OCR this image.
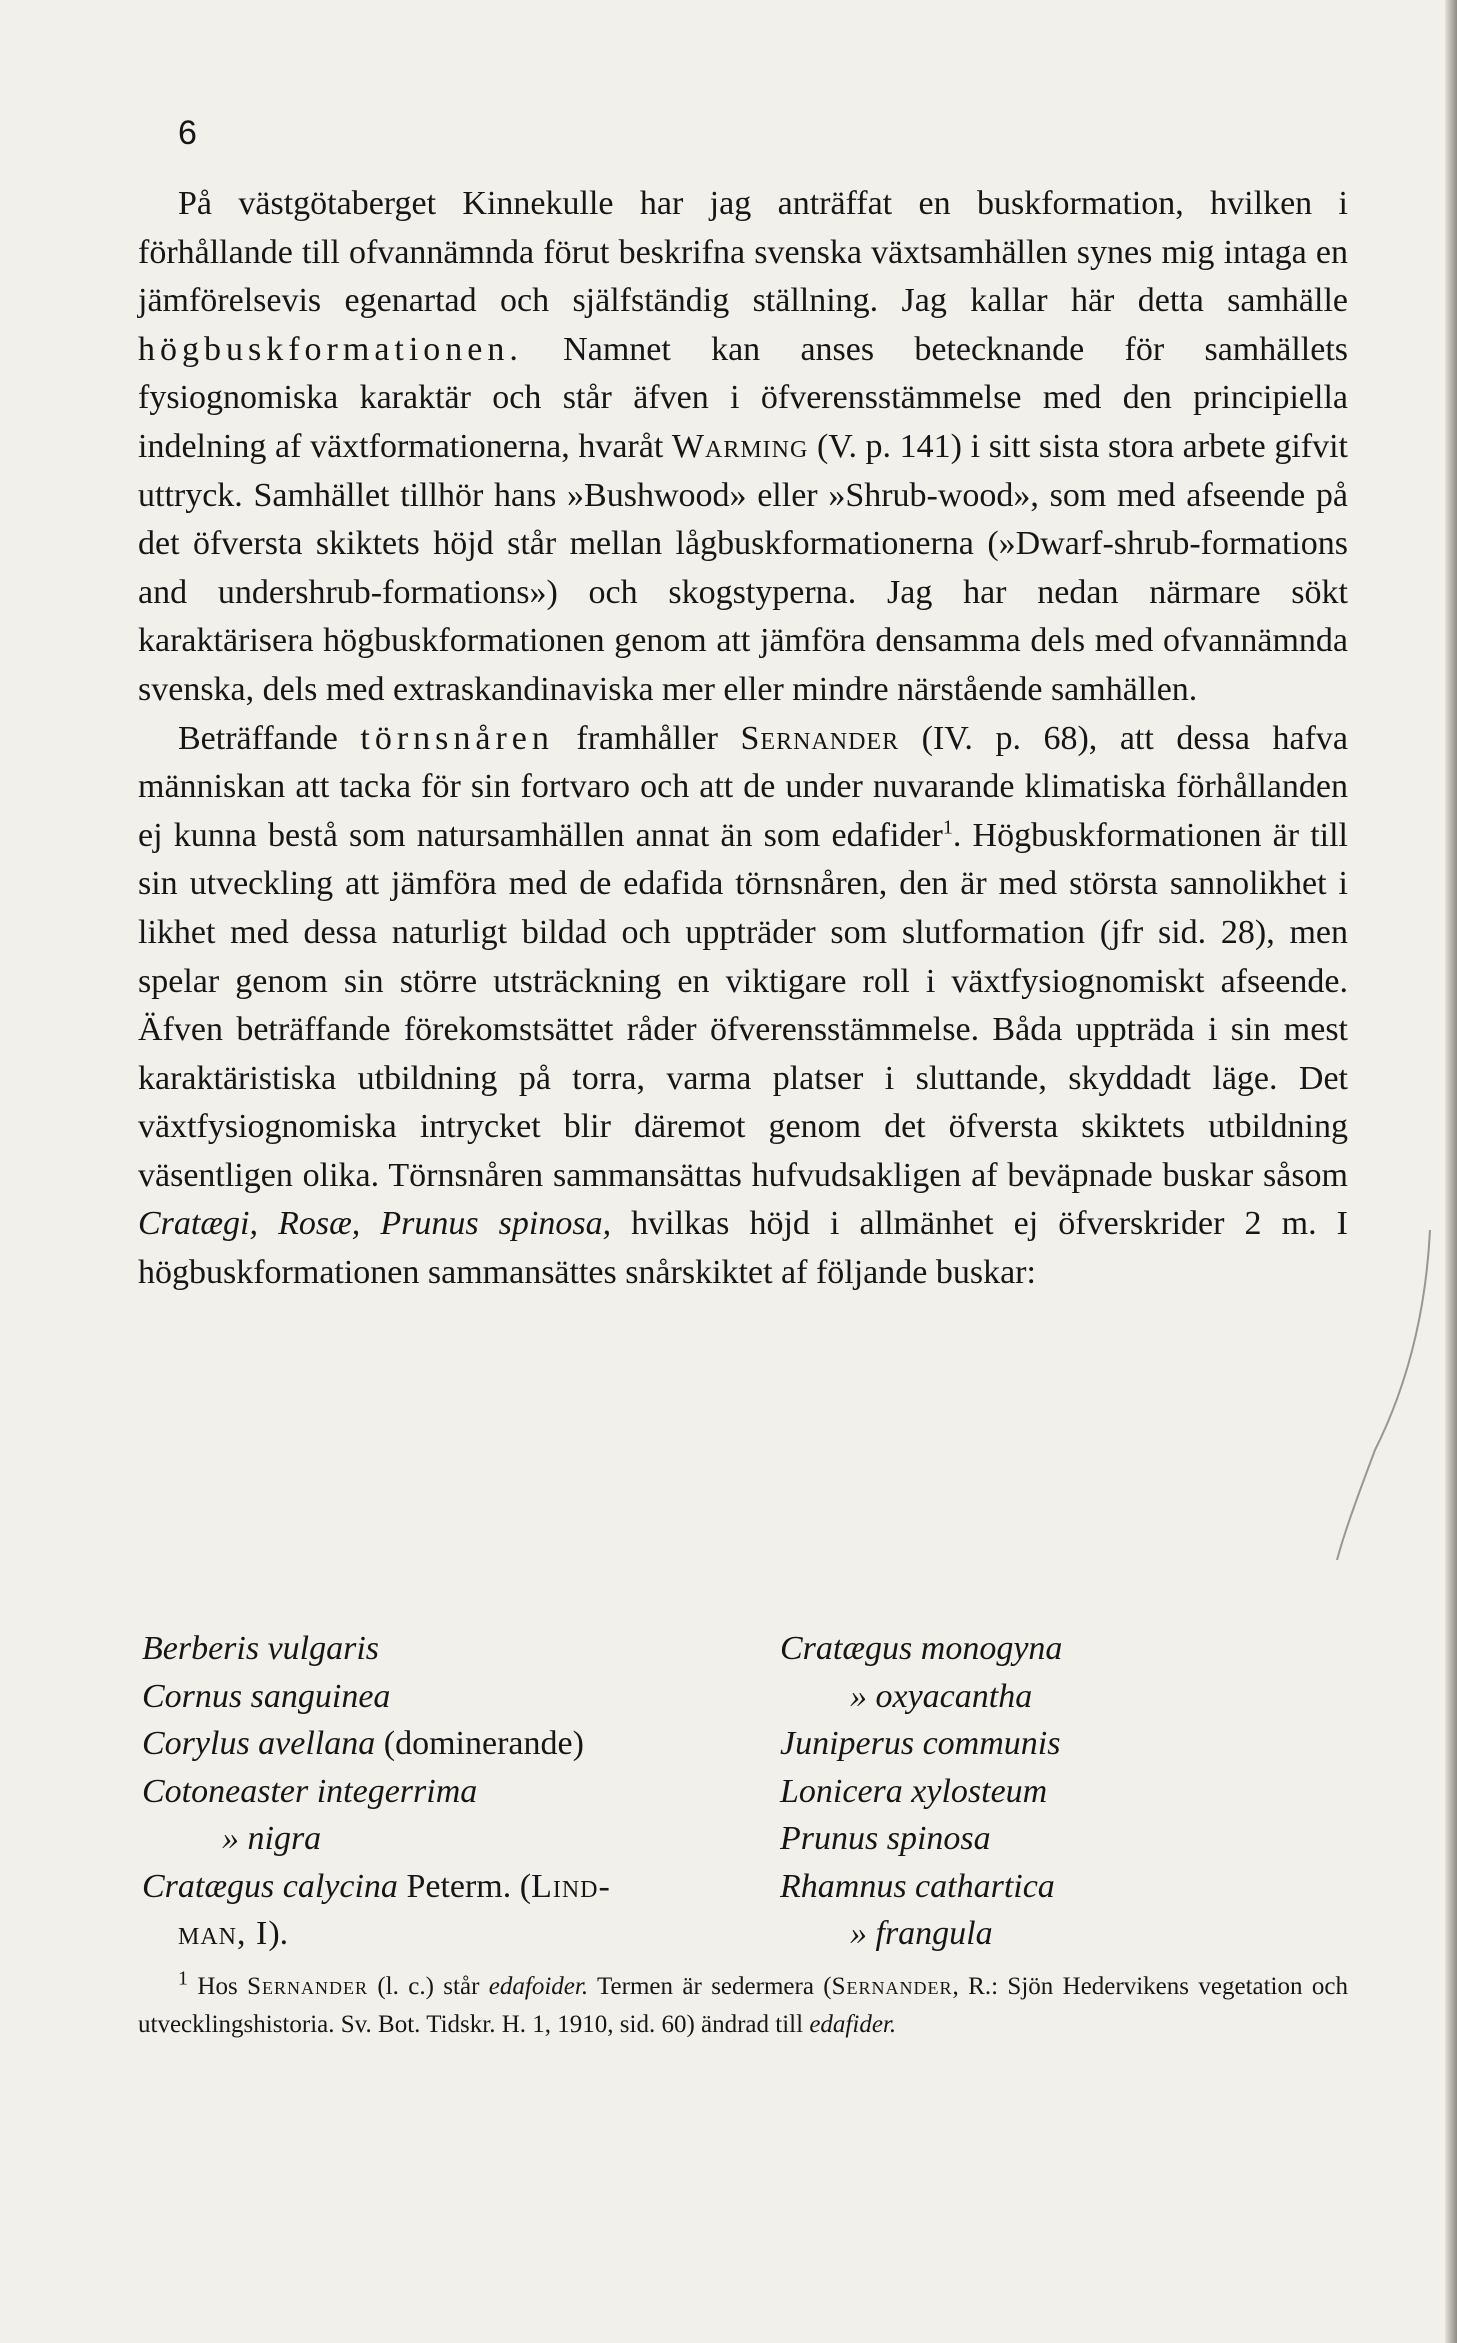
6

På västgötaberget Kinnekulle har jag anträffat en buskformation, hvilken i förhållande till ofvannämnda förut beskrifna svenska växtsamhällen synes mig intaga en jämförelsevis egenartad och själfständig ställning. Jag kallar här detta samhälle högbuskformationen. Namnet kan anses betecknande för samhällets fysiognomiska karaktär och står äfven i öfverensstämmelse med den principiella indelning af växtformationerna, hvaråt Warming (V. p. 141) i sitt sista stora arbete gifvit uttryck. Samhället tillhör hans »Bushwood» eller »Shrub-wood», som med afseende på det öfversta skiktets höjd står mellan lågbuskformationerna (»Dwarf-shrub-formations and undershrub-formations») och skogstyperna. Jag har nedan närmare sökt karaktärisera högbuskformationen genom att jämföra densamma dels med ofvannämnda svenska, dels med extraskandinaviska mer eller mindre närstående samhällen.

Beträffande törnsnåren framhåller Sernander (IV. p. 68), att dessa hafva människan att tacka för sin fortvaro och att de under nuvarande klimatiska förhållanden ej kunna bestå som natursamhällen annat än som edafider$^1$. Högbuskformationen är till sin utveckling att jämföra med de edafida törnsnåren, den är med största sannolikhet i likhet med dessa naturligt bildad och uppträder som slutformation (jfr sid. 28), men spelar genom sin större utsträckning en viktigare roll i växtfysiognomiskt afseende. Äfven beträffande förekomstsättet råder öfverensstämmelse. Båda uppträda i sin mest karaktäristiska utbildning på torra, varma platser i sluttande, skyddadt läge. Det växtfysiognomiska intrycket blir däremot genom det öfversta skiktets utbildning väsentligen olika. Törnsnåren sammansättas hufvudsakligen af beväpnade buskar såsom Cratægi, Rosæ, Prunus spinosa, hvilkas höjd i allmänhet ej öfverskrider 2 m. I högbuskformationen sammansättes snårskiktet af följande buskar:

Berberis vulgaris
Cornus sanguinea
Corylus avellana (dominerande)
Cotoneaster integerrima
» nigra
Cratægus calycina Peterm. (Lind-
man, I).
Cratægus monogyna
» oxyacantha
Juniperus communis
Lonicera xylosteum
Prunus spinosa
Rhamnus cathartica
» frangula

$^1$ Hos Sernander (l. c.) står edafoider. Termen är sedermera (Sernander, R.: Sjön Hedervikens vegetation och utvecklingshistoria. Sv. Bot. Tidskr. H. 1, 1910, sid. 60) ändrad till edafider.
